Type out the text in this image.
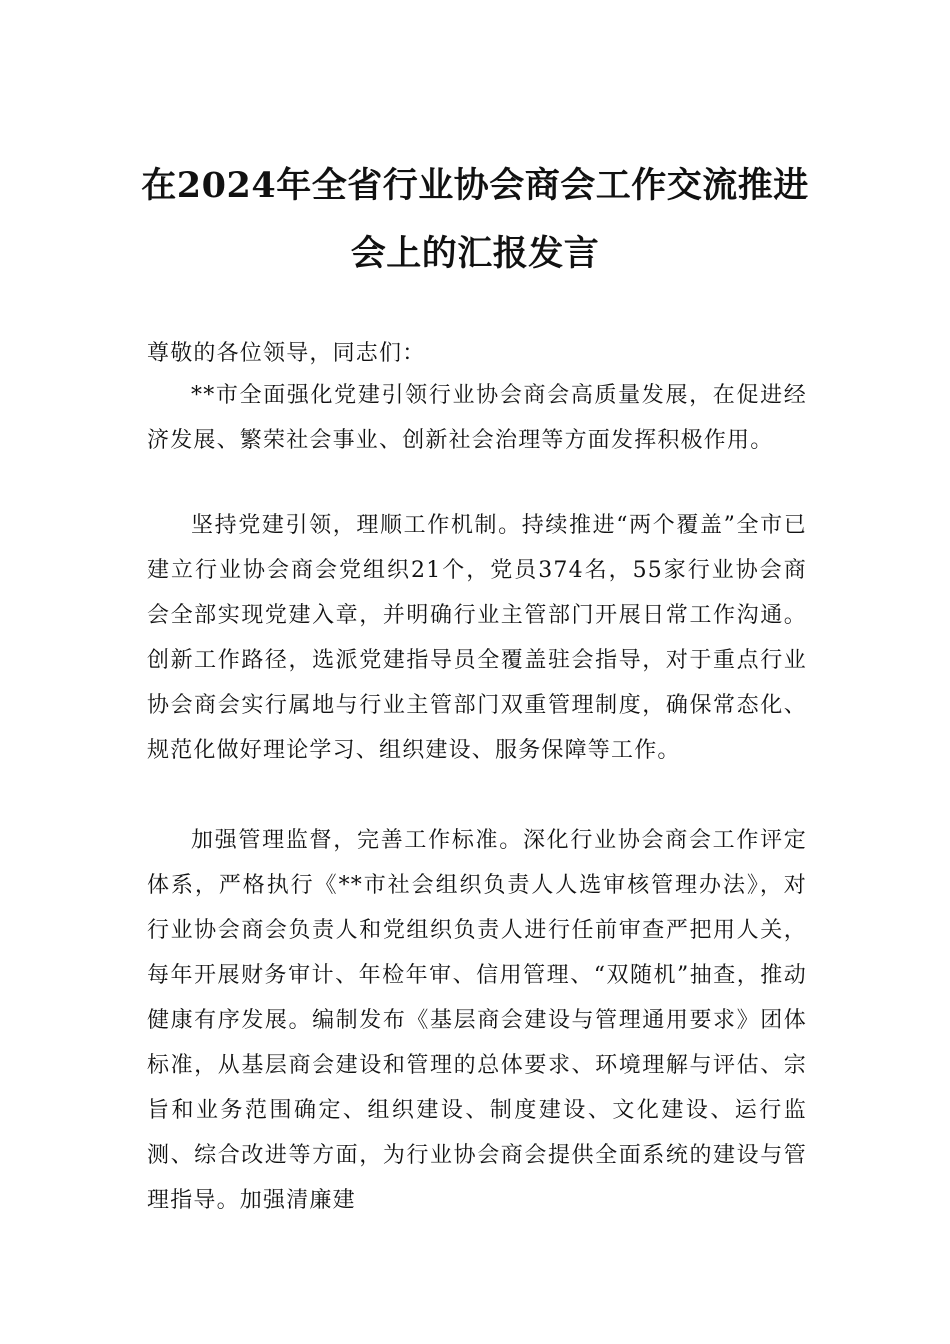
在2024年全省行业协会商会工作交流推进
会上的汇报发言

尊敬的各位领导，同志们：

**市全面强化党建引领行业协会商会高质量发展，在促进经济发展、繁荣社会事业、创新社会治理等方面发挥积极作用。

坚持党建引领，理顺工作机制。持续推进“两个覆盖”全市已建立行业协会商会党组织21个，党员374名，55家行业协会商会全部实现党建入章，并明确行业主管部门开展日常工作沟通。创新工作路径，选派党建指导员全覆盖驻会指导，对于重点行业协会商会实行属地与行业主管部门双重管理制度，确保常态化、规范化做好理论学习、组织建设、服务保障等工作。

加强管理监督，完善工作标准。深化行业协会商会工作评定体系，严格执行《**市社会组织负责人人选审核管理办法》，对行业协会商会负责人和党组织负责人进行任前审查严把用人关，每年开展财务审计、年检年审、信用管理、“双随机”抽查，推动健康有序发展。编制发布《基层商会建设与管理通用要求》团体标准，从基层商会建设和管理的总体要求、环境理解与评估、宗旨和业务范围确定、组织建设、制度建设、文化建设、运行监测、综合改进等方面，为行业协会商会提供全面系统的建设与管理指导。加强清廉建
